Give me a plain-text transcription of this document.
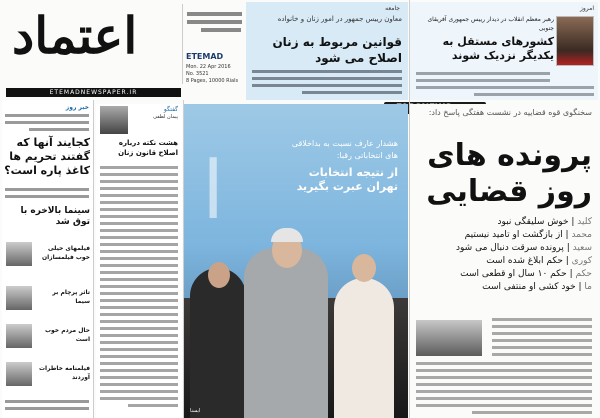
اعتماد	ETEMAD
Mon. 22 Apr 2016
No. 3521
8 Pages, 10000 Rials
جامعه
معاون رییس جمهور در امور زنان و خانواده
قوانین مربوط به زنان اصلاح می شود
امروز
رهبر معظم انقلاب در دیدار رییس جمهوری آفریقای جنوبی
کشورهای مستقل به یکدیگر نزدیک شوند
ETEMADNEWSPAPER.IR
خبر روز
کجایند آنها که گفتند تحریم ها کاغذ پاره است؟
سینما بالاخره با توق شد
فیلمهای خیلی خوب فیلمسازان
تاثر پرچام بر سیما
حال مردم خوب است
فیلمنامه خاطرات آوردند
گفتگو
پیمان لطفی
هشت نکته درباره اصلاح قانون زنان ا
هشدار عارف نسبت به بداخلاقی های انتخاباتی رقبا:
از نتیجه انتخابات تهران عبرت بگیرید
ایسنا
سخنگوی قوه قضاییه در نشست هفتگی پاسخ داد:
پرونده های روز قضایی
کلید | خوش سلیقگی نبود
محمد | از بازگشت او تامید نیستیم
سعید | پرونده سرقت دنبال می شود
کوری | حکم ابلاغ شده است
حکم | حکم ۱۰ سال او قطعی است
ما | خود کشی او منتفی است
